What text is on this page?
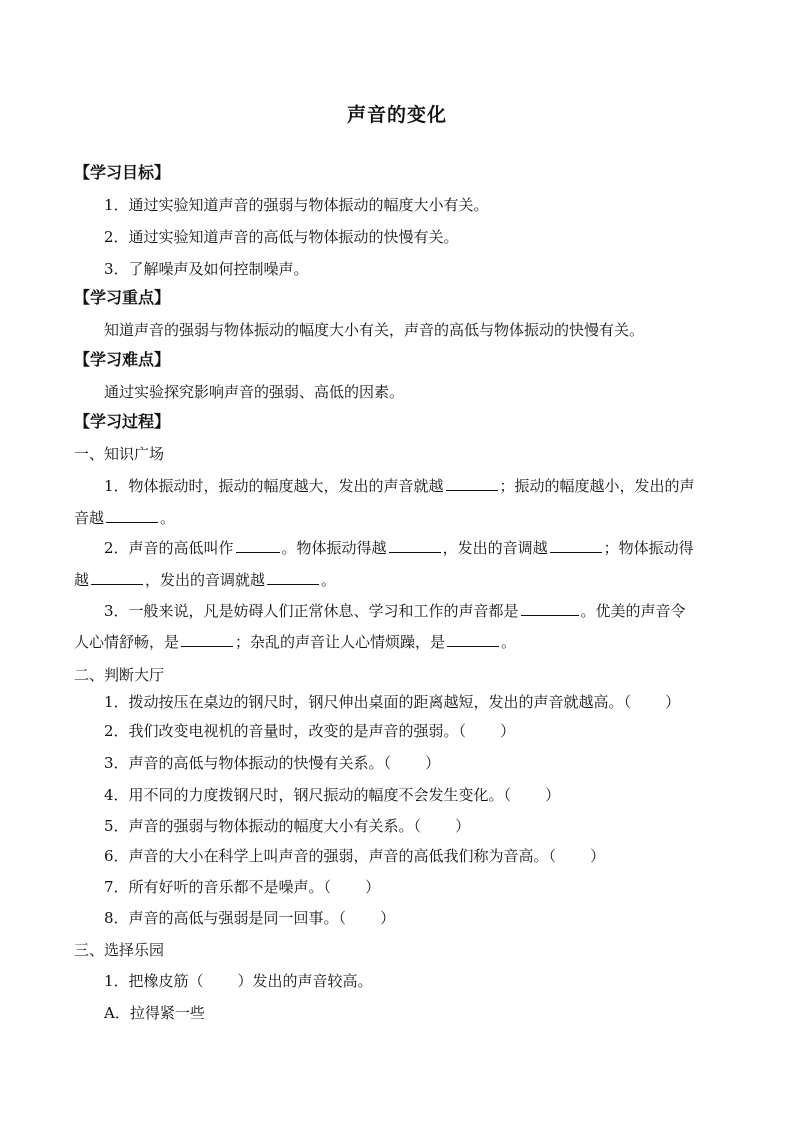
声音的变化
【学习目标】
1．通过实验知道声音的强弱与物体振动的幅度大小有关。
2．通过实验知道声音的高低与物体振动的快慢有关。
3．了解噪声及如何控制噪声。
【学习重点】
知道声音的强弱与物体振动的幅度大小有关，声音的高低与物体振动的快慢有关。
【学习难点】
通过实验探究影响声音的强弱、高低的因素。
【学习过程】
一、知识广场
1．物体振动时，振动的幅度越大，发出的声音就越	；振动的幅度越小，发出的声
音越	。
2．声音的高低叫作	。物体振动得越	，发出的音调越	；物体振动得
越	，发出的音调就越	。
3．一般来说，凡是妨碍人们正常休息、学习和工作的声音都是	。优美的声音令
人心情舒畅，是	；杂乱的声音让人心情烦躁，是	。
二、判断大厅
1．拨动按压在桌边的钢尺时，钢尺伸出桌面的距离越短，发出的声音就越高。（ ）
2．我们改变电视机的音量时，改变的是声音的强弱。（ ）
3．声音的高低与物体振动的快慢有关系。（ ）
4．用不同的力度拨钢尺时，钢尺振动的幅度不会发生变化。（ ）
5．声音的强弱与物体振动的幅度大小有关系。（ ）
6．声音的大小在科学上叫声音的强弱，声音的高低我们称为音高。（ ）
7．所有好听的音乐都不是噪声。（ ）
8．声音的高低与强弱是同一回事。（ ）
三、选择乐园
1．把橡皮筋（ ）发出的声音较高。
A．拉得紧一些
